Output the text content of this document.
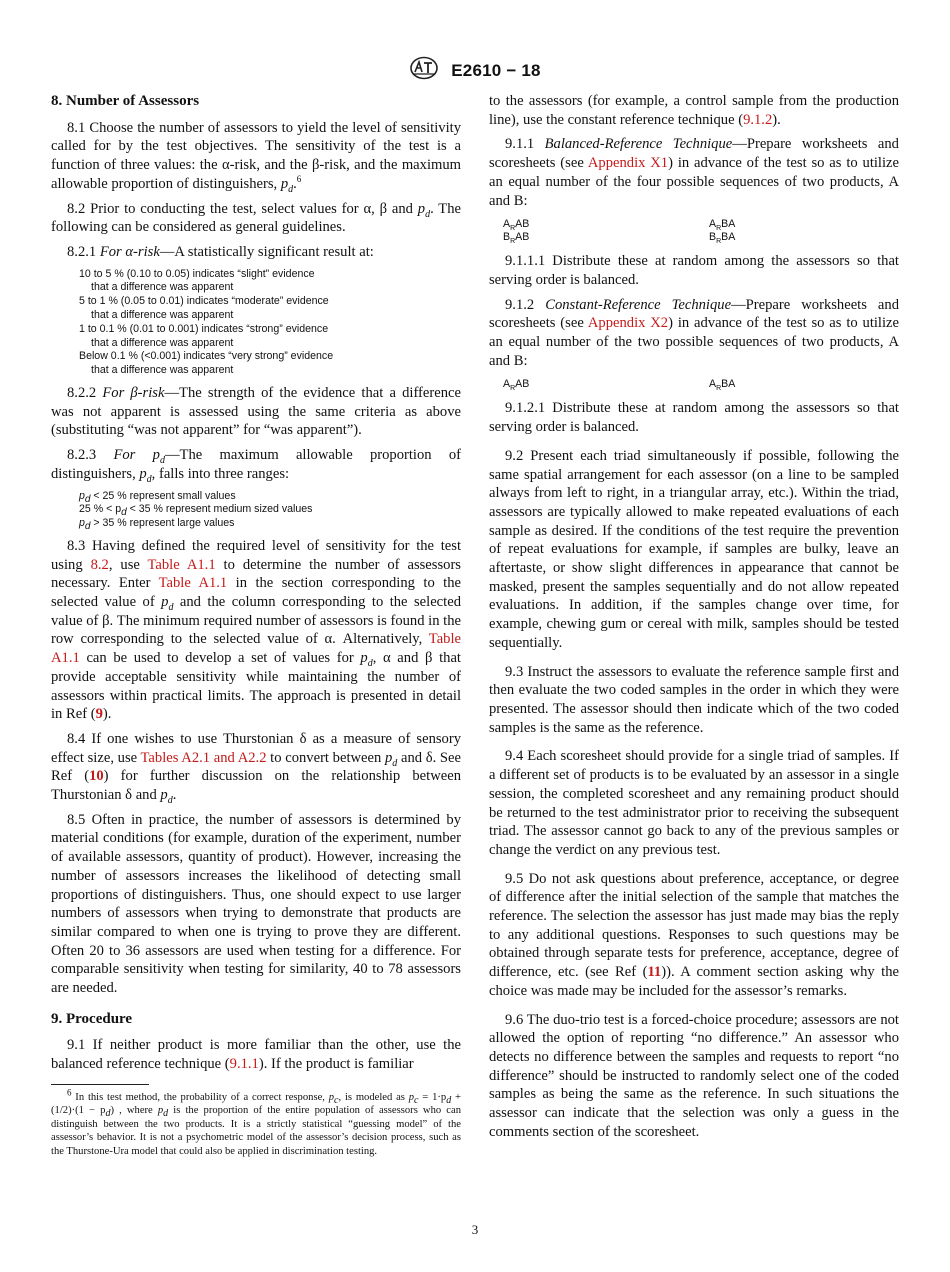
E2610 − 18
8. Number of Assessors

8.1 Choose the number of assessors to yield the level of sensitivity called for by the test objectives. The sensitivity of the test is a function of three values: the α-risk, and the β-risk, and the maximum allowable proportion of distinguishers, $p_d.^6$

8.2 Prior to conducting the test, select values for α, β and $p_d$. The following can be considered as general guidelines.

8.2.1 For α-risk—A statistically significant result at:

10 to 5 % (0.10 to 0.05) indicates “slight” evidence
that a difference was apparent
5 to 1 % (0.05 to 0.01) indicates “moderate” evidence
that a difference was apparent
1 to 0.1 % (0.01 to 0.001) indicates “strong” evidence
that a difference was apparent
Below 0.1 % (<0.001) indicates “very strong” evidence
that a difference was apparent

8.2.2 For β-risk—The strength of the evidence that a difference was not apparent is assessed using the same criteria as above (substituting “was not apparent” for “was apparent”).

8.2.3 For $p_d—The$ maximum allowable proportion of distinguishers, $p_d$, falls into three ranges:

$p_d < 25$ % represent small values
25 % < $p_d < 35$ % represent medium sized values
$p_d > 35$ % represent large values

8.3 Having defined the required level of sensitivity for the test using 8.2, use Table A1.1 to determine the number of assessors necessary. Enter Table A1.1 in the section corresponding to the selected value of $p_d$ and the column corresponding to the selected value of β. The minimum required number of assessors is found in the row corresponding to the selected value of α. Alternatively, Table A1.1 can be used to develop a set of values for $p_d$, α and β that provide acceptable sensitivity while maintaining the number of assessors within practical limits. The approach is presented in detail in Ref (9).

8.4 If one wishes to use Thurstonian δ as a measure of sensory effect size, use Tables A2.1 and A2.2 to convert between $p_d$ and δ. See Ref (10) for further discussion on the relationship between Thurstonian δ and $p_d$.

8.5 Often in practice, the number of assessors is determined by material conditions (for example, duration of the experiment, number of available assessors, quantity of product). However, increasing the number of assessors increases the likelihood of detecting small proportions of distinguishers. Thus, one should expect to use larger numbers of assessors when trying to demonstrate that products are similar compared to when one is trying to prove they are different. Often 20 to 36 assessors are used when testing for a difference. For comparable sensitivity when testing for similarity, 40 to 78 assessors are needed.

9. Procedure

9.1 If neither product is more familiar than the other, use the balanced reference technique (9.1.1). If the product is familiar

$^6$ In this test method, the probability of a correct response, $p_c$, is modeled as $p_c = 1\cdot p_d + (1/2)\cdot(1 - p_d)$ , where $p_d$ is the proportion of the entire population of assessors who can distinguish between the two products. It is a strictly statistical “guessing model” of the assessor’s behavior. It is not a psychometric model of the assessor’s decision process, such as the Thurstone-Ura model that could also be applied in discrimination testing.

to the assessors (for example, a control sample from the production line), use the constant reference technique (9.1.2).

9.1.1 Balanced-Reference Technique—Prepare worksheets and scoresheets (see Appendix X1) in advance of the test so as to utilize an equal number of the four possible sequences of two products, A and B:

$A_RAB$	$A_RBA$
$B_RAB$	$B_RBA$

9.1.1.1 Distribute these at random among the assessors so that serving order is balanced.

9.1.2 Constant-Reference Technique—Prepare worksheets and scoresheets (see Appendix X2) in advance of the test so as to utilize an equal number of the two possible sequences of two products, A and B:

$A_RAB$	$A_RBA$

9.1.2.1 Distribute these at random among the assessors so that serving order is balanced.

9.2 Present each triad simultaneously if possible, following the same spatial arrangement for each assessor (on a line to be sampled always from left to right, in a triangular array, etc.). Within the triad, assessors are typically allowed to make repeated evaluations of each sample as desired. If the conditions of the test require the prevention of repeat evaluations for example, if samples are bulky, leave an aftertaste, or show slight differences in appearance that cannot be masked, present the samples sequentially and do not allow repeated evaluations. In addition, if the samples change over time, for example, chewing gum or cereal with milk, samples should be tested sequentially.

9.3 Instruct the assessors to evaluate the reference sample first and then evaluate the two coded samples in the order in which they were presented. The assessor should then indicate which of the two coded samples is the same as the reference.

9.4 Each scoresheet should provide for a single triad of samples. If a different set of products is to be evaluated by an assessor in a single session, the completed scoresheet and any remaining product should be returned to the test administrator prior to receiving the subsequent triad. The assessor cannot go back to any of the previous samples or change the verdict on any previous test.

9.5 Do not ask questions about preference, acceptance, or degree of difference after the initial selection of the sample that matches the reference. The selection the assessor has just made may bias the reply to any additional questions. Responses to such questions may be obtained through separate tests for preference, acceptance, degree of difference, etc. (see Ref (11)). A comment section asking why the choice was made may be included for the assessor’s remarks.

9.6 The duo-trio test is a forced-choice procedure; assessors are not allowed the option of reporting “no difference.” An assessor who detects no difference between the samples and requests to report “no difference” should be instructed to randomly select one of the coded samples as being the same as the reference. In such situations the assessor can indicate that the selection was only a guess in the comments section of the scoresheet.

3
